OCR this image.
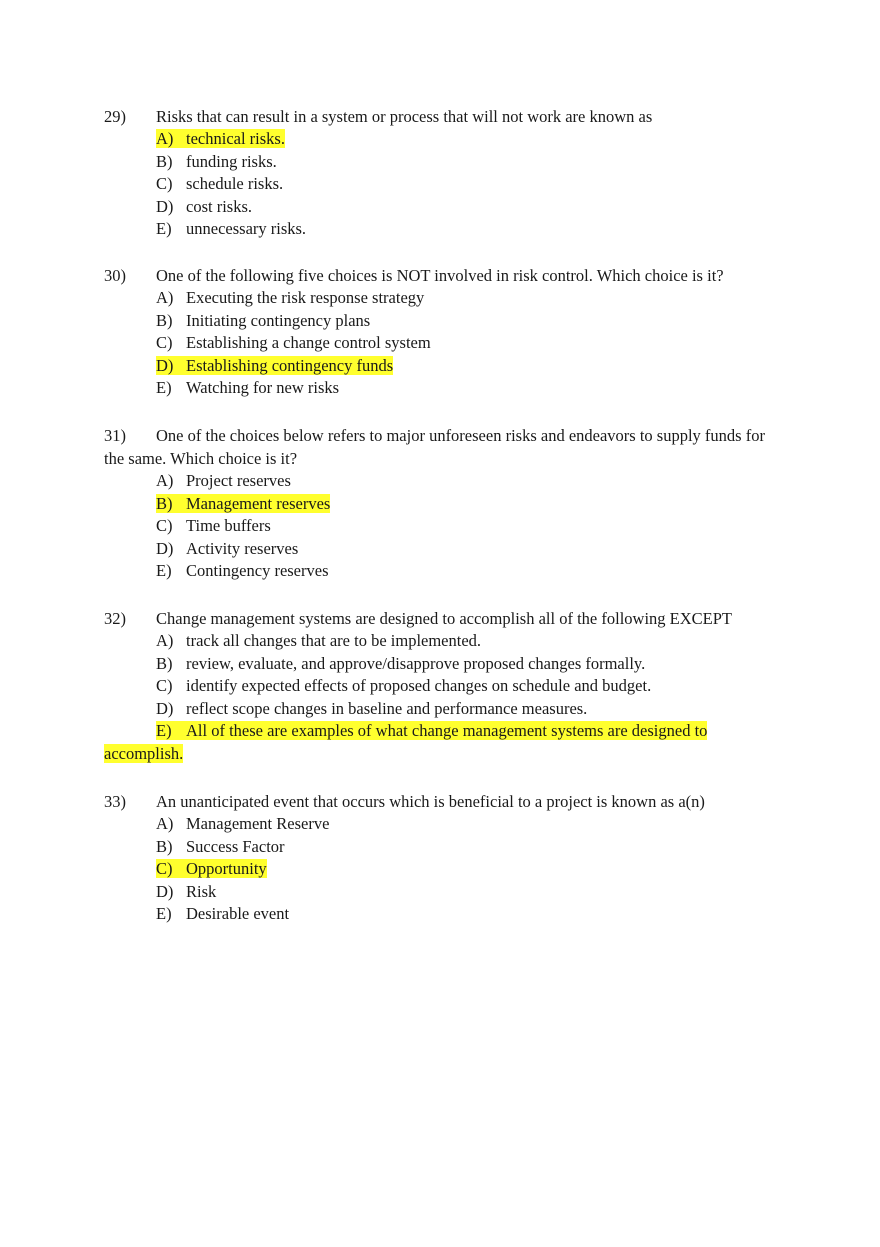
29) Risks that can result in a system or process that will not work are known as
A) technical risks.
B) funding risks.
C) schedule risks.
D) cost risks.
E) unnecessary risks.
30) One of the following five choices is NOT involved in risk control. Which choice is it?
A) Executing the risk response strategy
B) Initiating contingency plans
C) Establishing a change control system
D) Establishing contingency funds
E) Watching for new risks
31) One of the choices below refers to major unforeseen risks and endeavors to supply funds for the same. Which choice is it?
A) Project reserves
B) Management reserves
C) Time buffers
D) Activity reserves
E) Contingency reserves
32) Change management systems are designed to accomplish all of the following EXCEPT
A) track all changes that are to be implemented.
B) review, evaluate, and approve/disapprove proposed changes formally.
C) identify expected effects of proposed changes on schedule and budget.
D) reflect scope changes in baseline and performance measures.
E) All of these are examples of what change management systems are designed to accomplish.
33) An unanticipated event that occurs which is beneficial to a project is known as a(n)
A) Management Reserve
B) Success Factor
C) Opportunity
D) Risk
E) Desirable event
